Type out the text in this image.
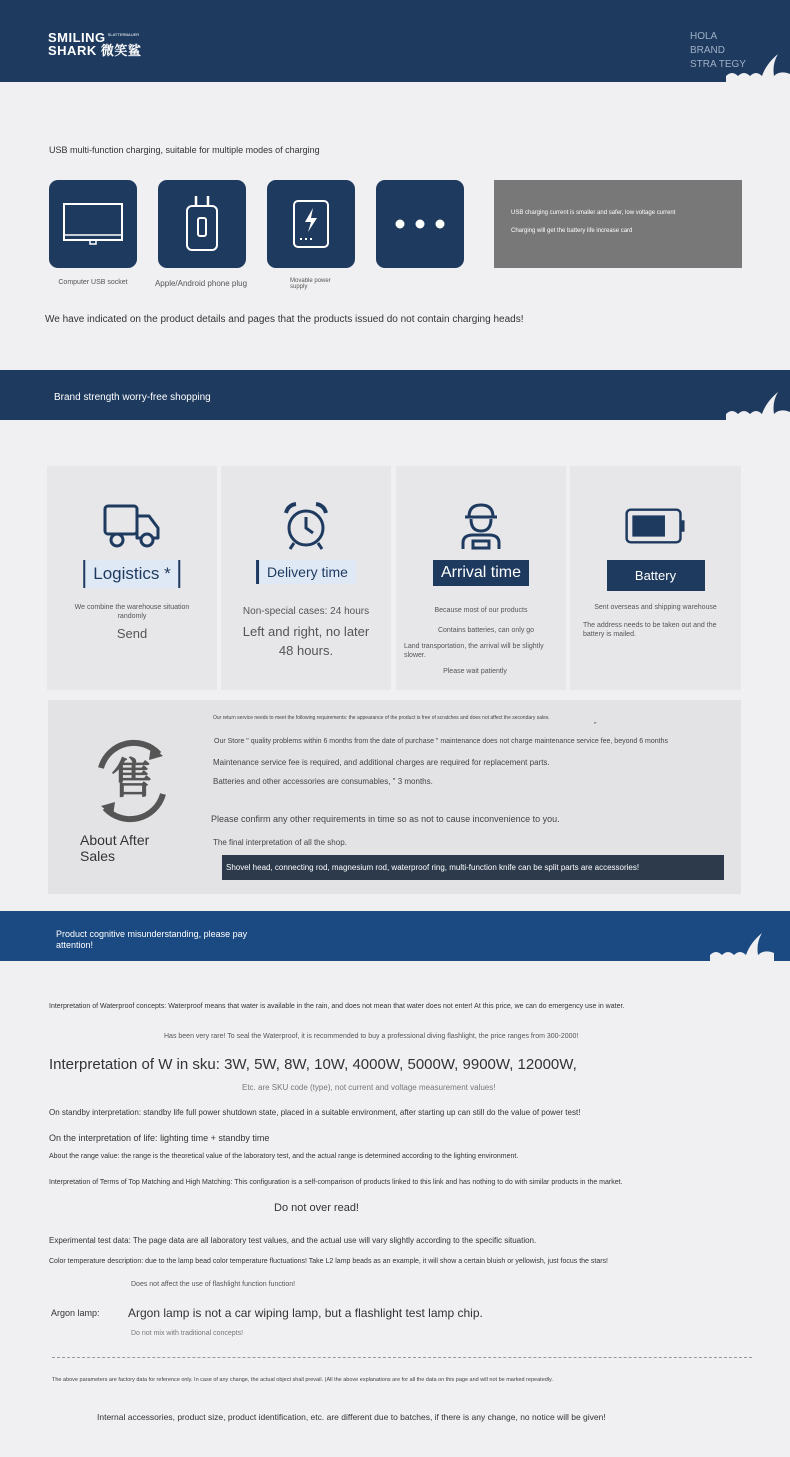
SMILING SLATTERBAUER
SHARK 微笑鲨
HOLA BRAND
STRA TEGY
USB multi-function charging, suitable for multiple modes of charging
Computer USB socket	Apple/Android phone plug	Movable power
supply

USB charging current is smaller and safer, low voltage current

Charging will get the battery life increase card

We have indicated on the product details and pages that the products issued do not contain charging heads!
Brand strength worry-free shopping
Logistics *
We combine the warehouse situation randomly
Send
Delivery time
Non-special cases: 24 hours
Left and right, no later
48 hours.
Arrival time
Because most of our products
Contains batteries, can only go
Land transportation, the arrival will be slightly slower.
Please wait patiently
Battery
Sent overseas and shipping warehouse
The address needs to be taken out and the battery is mailed.
售
About After
Sales
Our return service needs to meet the following requirements: the appearance of the product is free of scratches and does not affect the secondary sales.
"
Our Store " quality problems within 6 months from the date of purchase " maintenance does not charge maintenance service fee, beyond 6 months
Maintenance service fee is required, and additional charges are required for replacement parts.
Batteries and other accessories are consumables, " 3 months.
Please confirm any other requirements in time so as not to cause inconvenience to you.
The final interpretation of all the shop.
Shovel head, connecting rod, magnesium rod, waterproof ring, multi-function knife can be split parts are accessories!
Product cognitive misunderstanding, please pay
attention!
Interpretation of Waterproof concepts: Waterproof means that water is available in the rain, and does not mean that water does not enter! At this price, we can do emergency use in water.
Has been very rare! To seal the Waterproof, it is recommended to buy a professional diving flashlight, the price ranges from 300-2000!
Interpretation of W in sku: 3W, 5W, 8W, 10W, 4000W, 5000W, 9900W, 12000W,
Etc. are SKU code (type), not current and voltage measurement values!
On standby interpretation: standby life full power shutdown state, placed in a suitable environment, after starting up can still do the value of power test!
On the interpretation of life: lighting time + standby time
About the range value: the range is the theoretical value of the laboratory test, and the actual range is determined according to the lighting environment.
Interpretation of Terms of Top Matching and High Matching: This configuration is a self-comparison of products linked to this link and has nothing to do with similar products in the market.
Do not over read!
Experimental test data: The page data are all laboratory test values, and the actual use will vary slightly according to the specific situation.
Color temperature description: due to the lamp bead color temperature fluctuations! Take L2 lamp beads as an example, it will show a certain bluish or yellowish, just focus the stars!
Does not affect the use of flashlight function function!
Argon lamp: Argon lamp is not a car wiping lamp, but a flashlight test lamp chip.
Do not mix with traditional concepts!
The above parameters are factory data for reference only. In case of any change, the actual object shall prevail. (All the above explanations are for all the data on this page and will not be marked repeatedly.
Internal accessories, product size, product identification, etc. are different due to batches, if there is any change, no notice will be given!
